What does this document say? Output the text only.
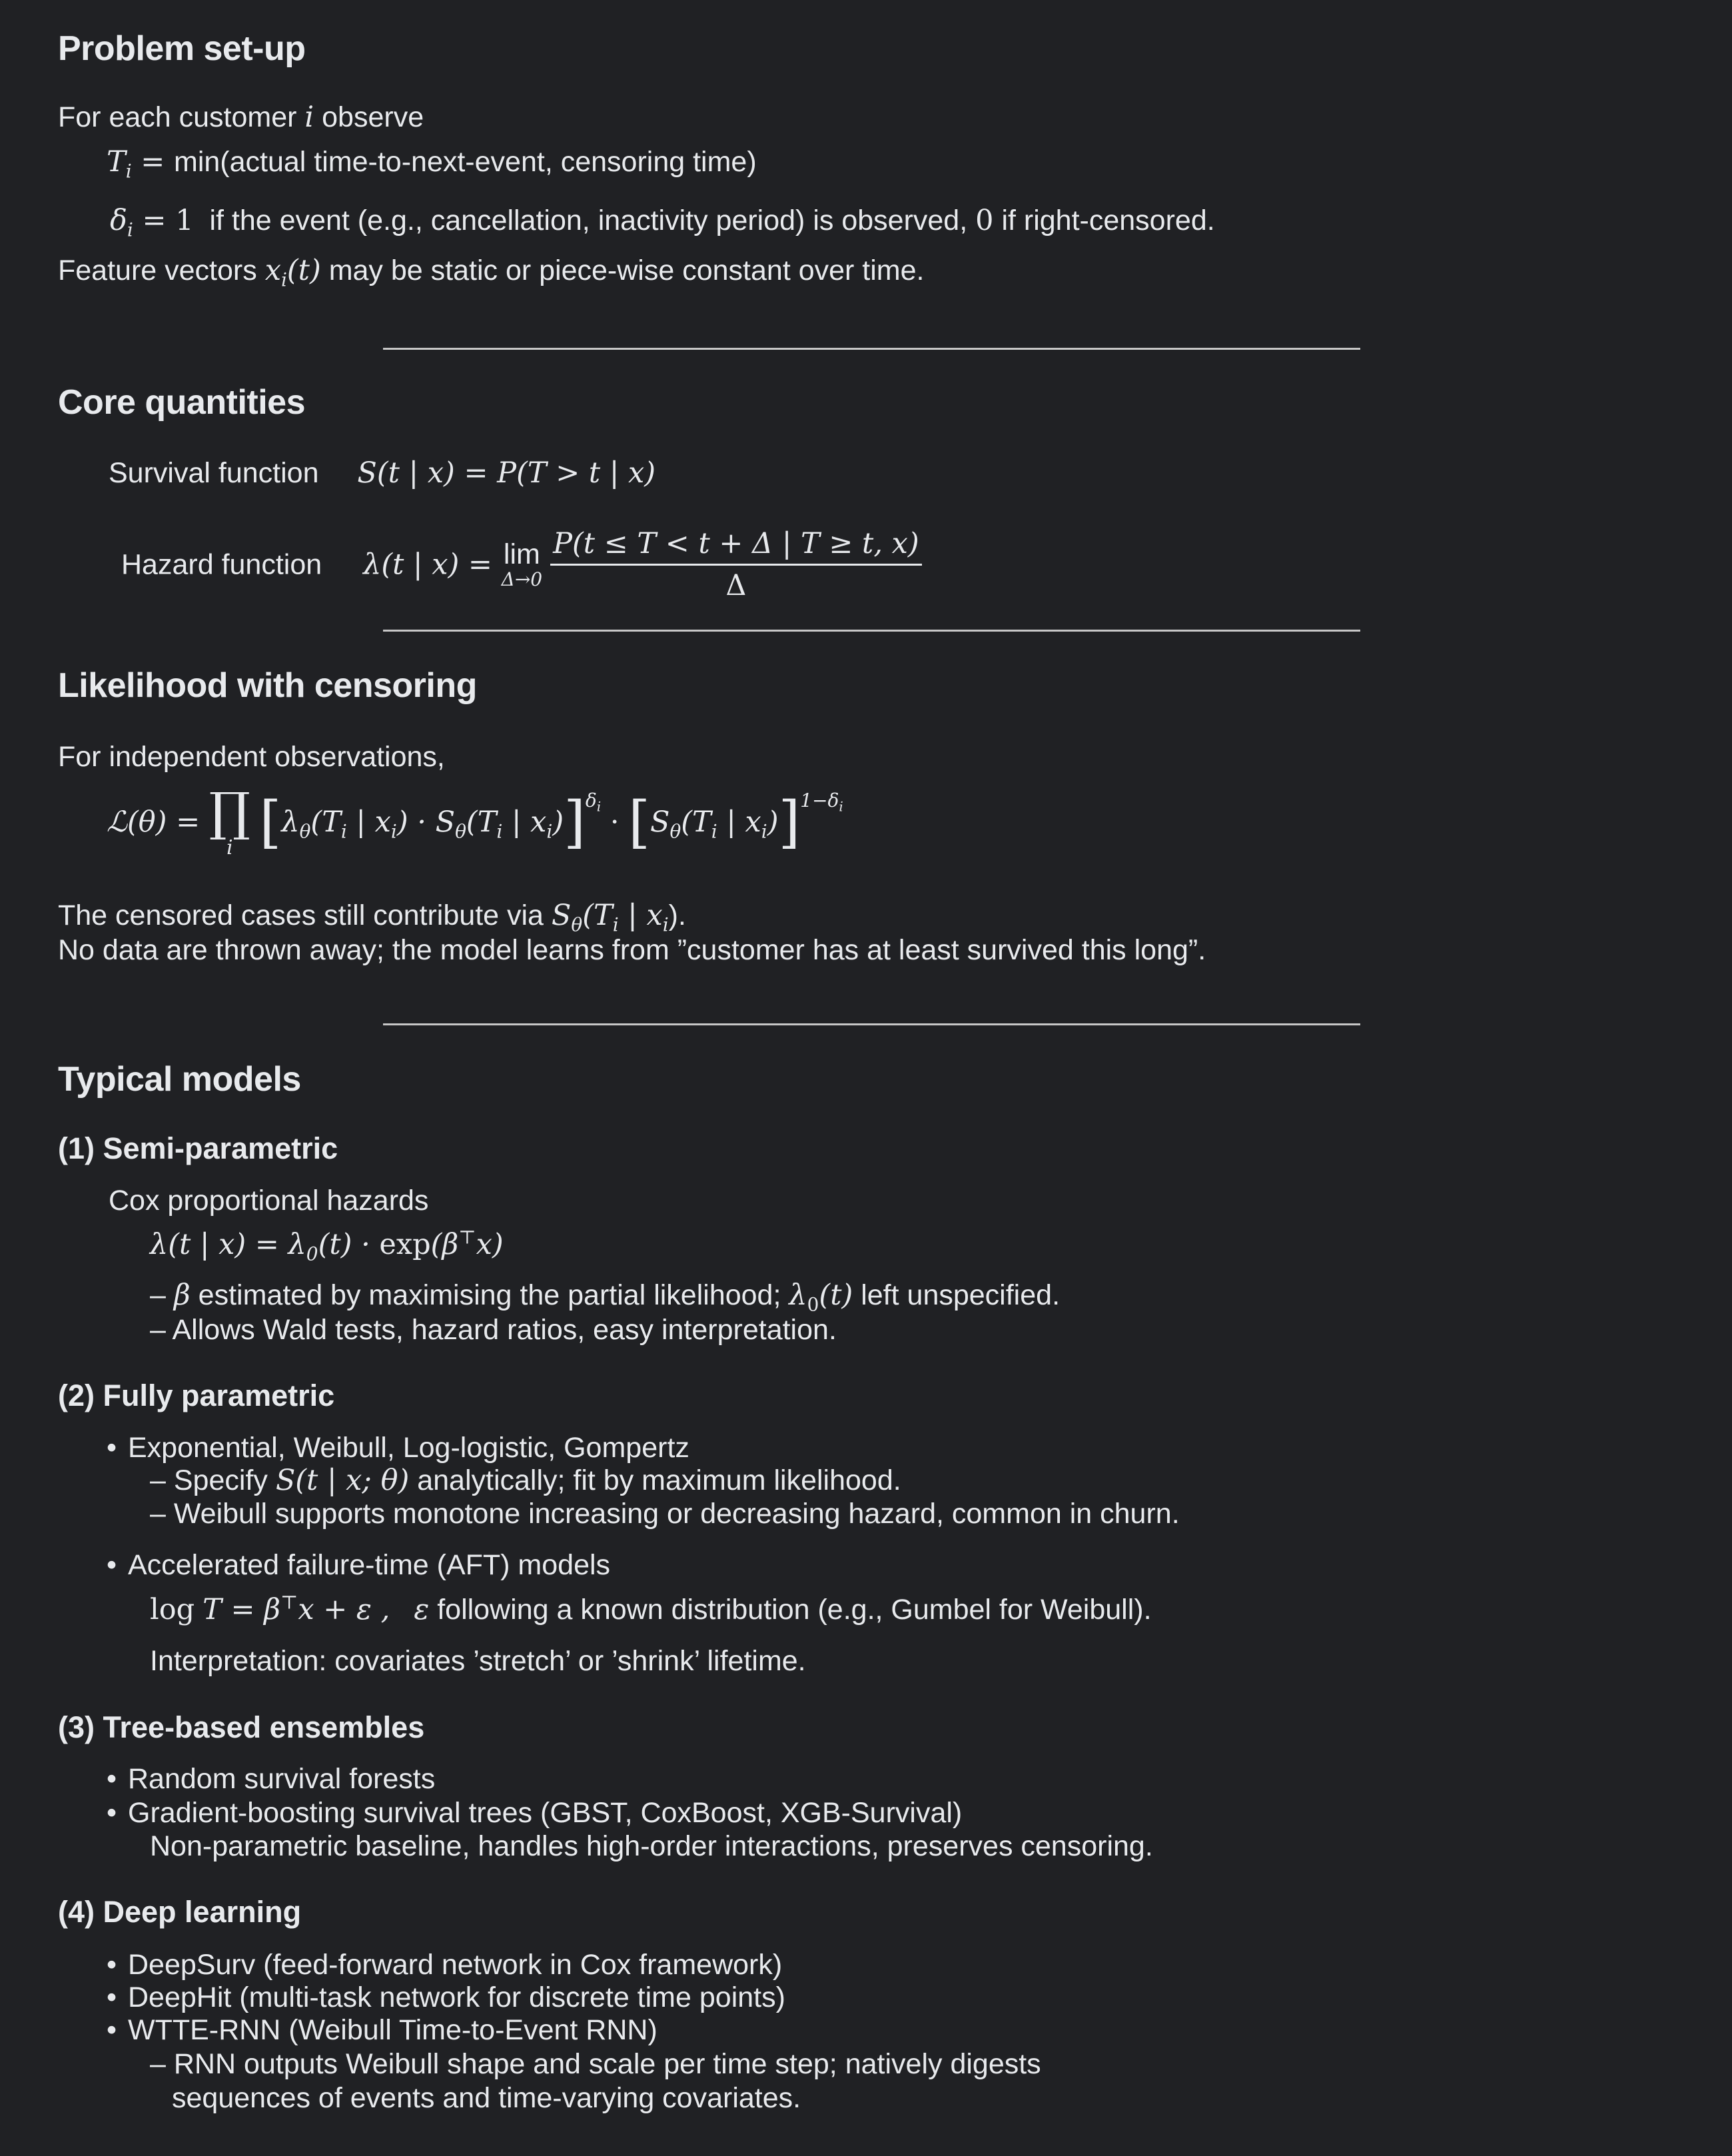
Problem set-up
For each customer i observe
$T_i$ = min(actual time-to-next-event, censoring time)
$\delta_i = 1$ if the event (e.g., cancellation, inactivity period) is observed, 0 if right-censored.
Feature vectors $x_i(t)$ may be static or piece-wise constant over time.
Core quantities
Survival function S(t | x) = P(T > t | x)
Hazard function λ(t | x) = lim
Δ→0
$\frac{P(t \le T < t + \Delta | T \ge t, x)}{\Delta}$
Likelihood with censoring
For independent observations,
ℒ(θ) = ∏
i [$\lambda_\theta(T_i$ | $x_i) \cdot S_\theta(T_i$ | $x_i)]^{\delta_i} \cdot [S_\theta(T_i$ | $x_i)]^{1-\delta_i}$
The censored cases still contribute via $S_\theta(T_i$ | $x_i$).
No data are thrown away; the model learns from ”customer has at least survived this long”.
Typical models
(1) Semi-parametric
Cox proportional hazards
λ(t | $x) = \lambda_0(t) \cdot \exp(\beta^⊤x)$
– β estimated by maximising the partial likelihood; $\lambda_0(t)$ left unspecified.
– Allows Wald tests, hazard ratios, easy interpretation.
(2) Fully parametric
• Exponential, Weibull, Log-logistic, Gompertz
– Specify S(t | x; θ) analytically; fit by maximum likelihood.
– Weibull supports monotone increasing or decreasing hazard, common in churn.
• Accelerated failure-time (AFT) models
log T = β⊤x + ε , ε following a known distribution (e.g., Gumbel for Weibull).
Interpretation: covariates ’stretch’ or ’shrink’ lifetime.
(3) Tree-based ensembles
• Random survival forests
• Gradient-boosting survival trees (GBST, CoxBoost, XGB-Survival)
Non-parametric baseline, handles high-order interactions, preserves censoring.
(4) Deep learning
• DeepSurv (feed-forward network in Cox framework)
• DeepHit (multi-task network for discrete time points)
• WTTE-RNN (Weibull Time-to-Event RNN)
– RNN outputs Weibull shape and scale per time step; natively digests
sequences of events and time-varying covariates.
